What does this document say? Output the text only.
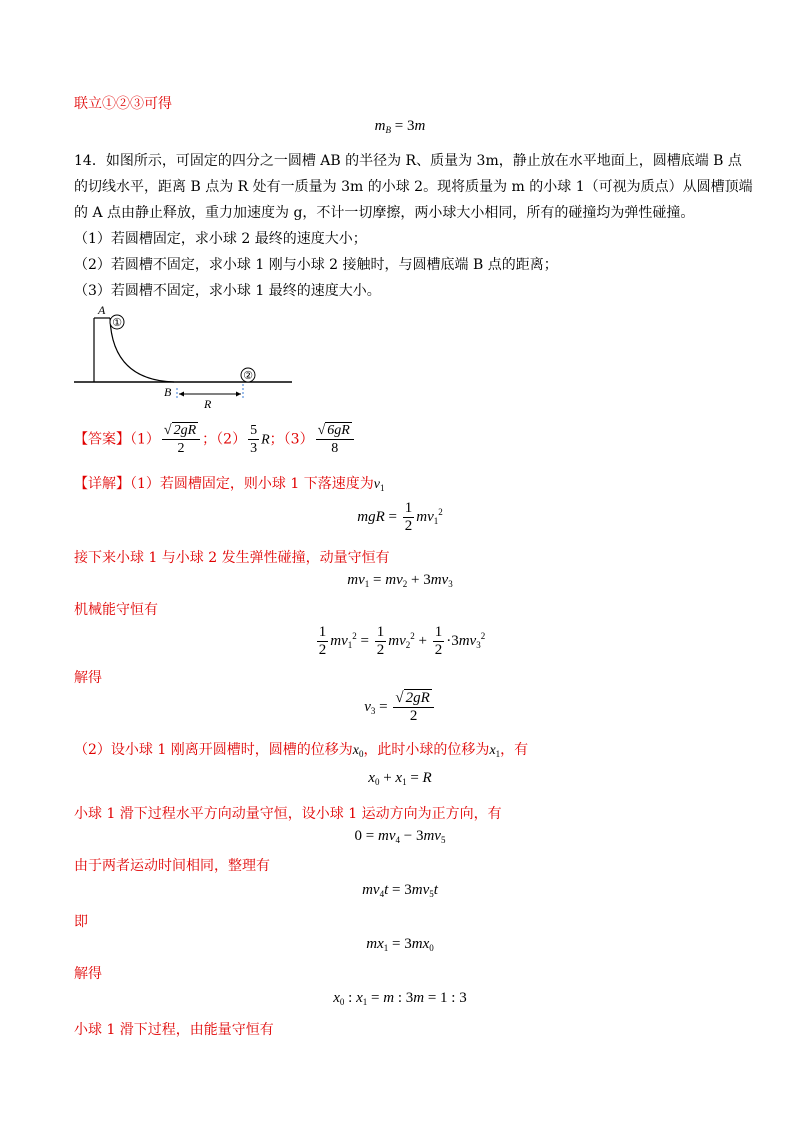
联立①②③可得
$m_B = 3m$
14．如图所示，可固定的四分之一圆槽 AB 的半径为 R、质量为 3m，静止放在水平地面上，圆槽底端 B 点
的切线水平，距离 B 点为 R 处有一质量为 3m 的小球 2。现将质量为 m 的小球 1（可视为质点）从圆槽顶端
的 A 点由静止释放，重力加速度为 g，不计一切摩擦，两小球大小相同，所有的碰撞均为弹性碰撞。
（1）若圆槽固定，求小球 2 最终的速度大小；
（2）若圆槽不固定，求小球 1 刚与小球 2 接触时，与圆槽底端 B 点的距离；
（3）若圆槽不固定，求小球 1 最终的速度大小。
①
②
A
B
R
【答案】$(1) \frac{√ 2gR}{2}$ ；$(2) \frac{5}{3}$ R；$(3) \frac{√ 6gR}{8}$
【详解】（1）若圆槽固定，则小球 1 下落速度为$v_1$
mgR = $\frac{1}{2} mv_1^2$
接下来小球 1 与小球 2 发生弹性碰撞，动量守恒有
$mv_1 = mv_2 + 3mv_3$
机械能守恒有
$\frac{1}{2} mv_1^2 = \frac{1}{2} mv_2^2 + \frac{1}{2} \cdot 3mv_3^2$
解得
$v_3 = \frac{√ 2gR}{2}$
（2）设小球 1 刚离开圆槽时，圆槽的位移为$x_0$，此时小球的位移为$x_1$，有
$x_0 + x_1 = R$
小球 1 滑下过程水平方向动量守恒，设小球 1 运动方向为正方向，有
$0 = mv_4 - 3mv_5$
由于两者运动时间相同，整理有
$mv_4t = 3mv_5t$
即
$mx_1 = 3mx_0$
解得
$x_0$ : $x_1 = m$ : 3m = 1 : 3
小球 1 滑下过程，由能量守恒有
